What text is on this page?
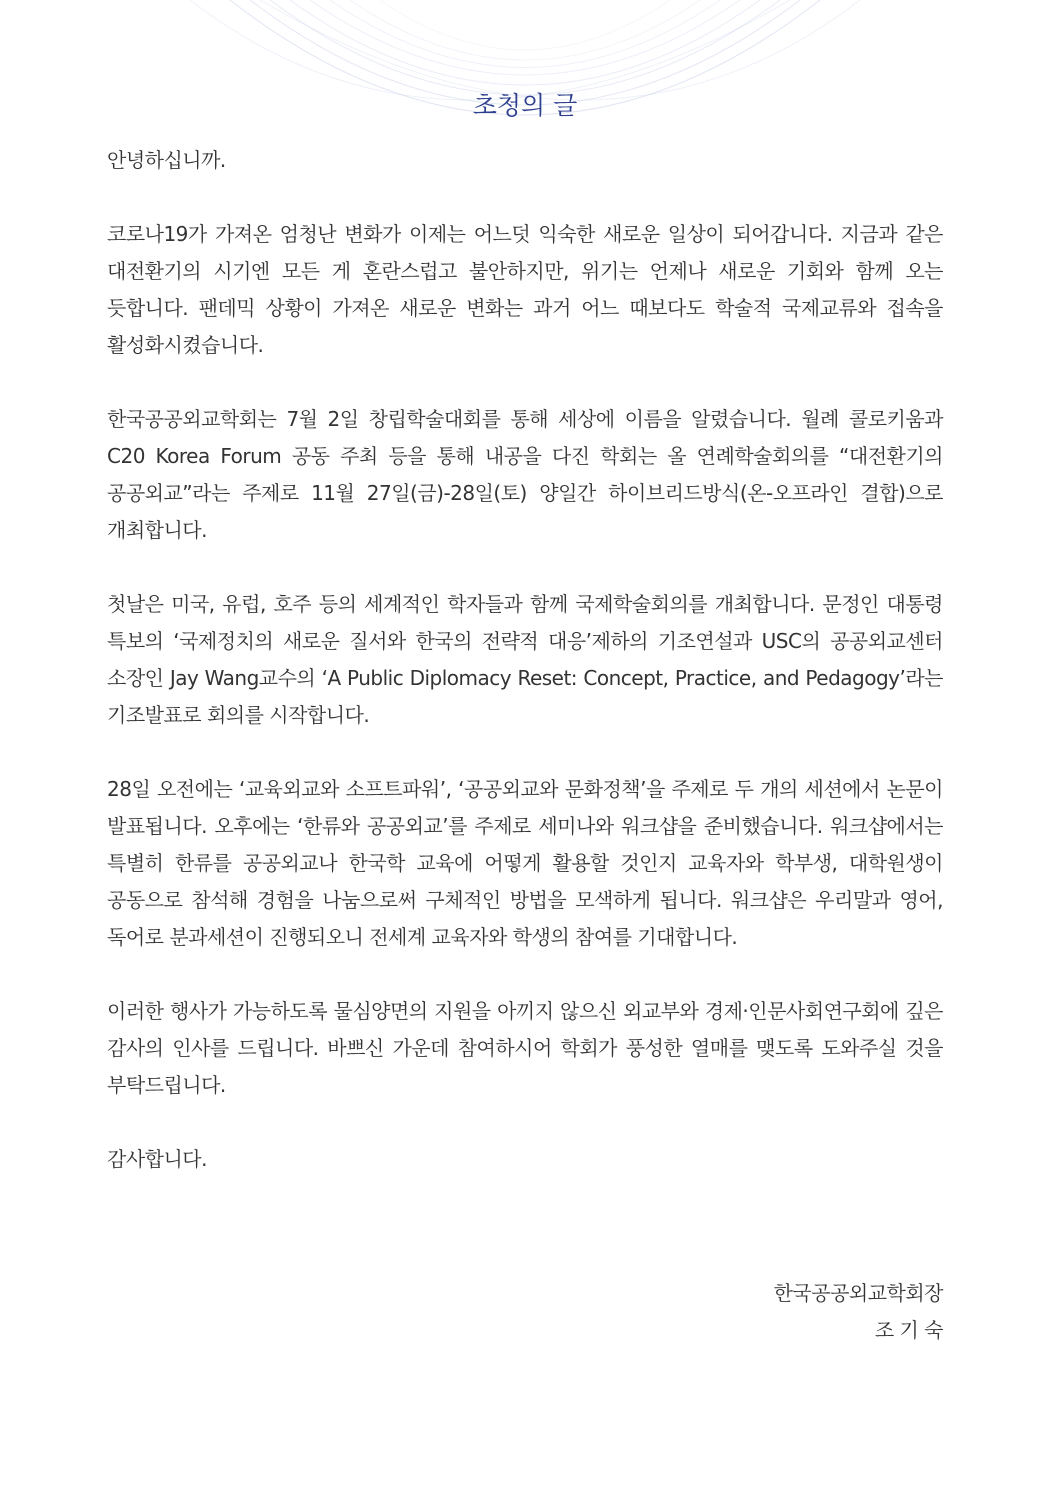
초청의 글

안녕하십니까.

코로나19가 가져온 엄청난 변화가 이제는 어느덧 익숙한 새로운 일상이 되어갑니다. 지금과 같은 대전환기의 시기엔 모든 게 혼란스럽고 불안하지만, 위기는 언제나 새로운 기회와 함께 오는 듯합니다. 팬데믹 상황이 가져온 새로운 변화는 과거 어느 때보다도 학술적 국제교류와 접속을 활성화시켰습니다.

한국공공외교학회는 7월 2일 창립학술대회를 통해 세상에 이름을 알렸습니다. 월례 콜로키움과 C20 Korea Forum 공동 주최 등을 통해 내공을 다진 학회는 올 연례학술회의를 “대전환기의 공공외교”라는 주제로 11월 27일(금)-28일(토) 양일간 하이브리드방식(온-오프라인 결합)으로 개최합니다.

첫날은 미국, 유럽, 호주 등의 세계적인 학자들과 함께 국제학술회의를 개최합니다. 문정인 대통령 특보의 ‘국제정치의 새로운 질서와 한국의 전략적 대응’제하의 기조연설과 USC의 공공외교센터 소장인 Jay Wang교수의 ‘A Public Diplomacy Reset: Concept, Practice, and Pedagogy’라는 기조발표로 회의를 시작합니다.

28일 오전에는 ‘교육외교와 소프트파워’, ‘공공외교와 문화정책’을 주제로 두 개의 세션에서 논문이 발표됩니다. 오후에는 ‘한류와 공공외교’를 주제로 세미나와 워크샵을 준비했습니다. 워크샵에서는 특별히 한류를 공공외교나 한국학 교육에 어떻게 활용할 것인지 교육자와 학부생, 대학원생이 공동으로 참석해 경험을 나눔으로써 구체적인 방법을 모색하게 됩니다. 워크샵은 우리말과 영어, 독어로 분과세션이 진행되오니 전세계 교육자와 학생의 참여를 기대합니다.

이러한 행사가 가능하도록 물심양면의 지원을 아끼지 않으신 외교부와 경제·인문사회연구회에 깊은 감사의 인사를 드립니다. 바쁘신 가운데 참여하시어 학회가 풍성한 열매를 맺도록 도와주실 것을 부탁드립니다.

감사합니다.

한국공공외교학회장
조 기 숙
